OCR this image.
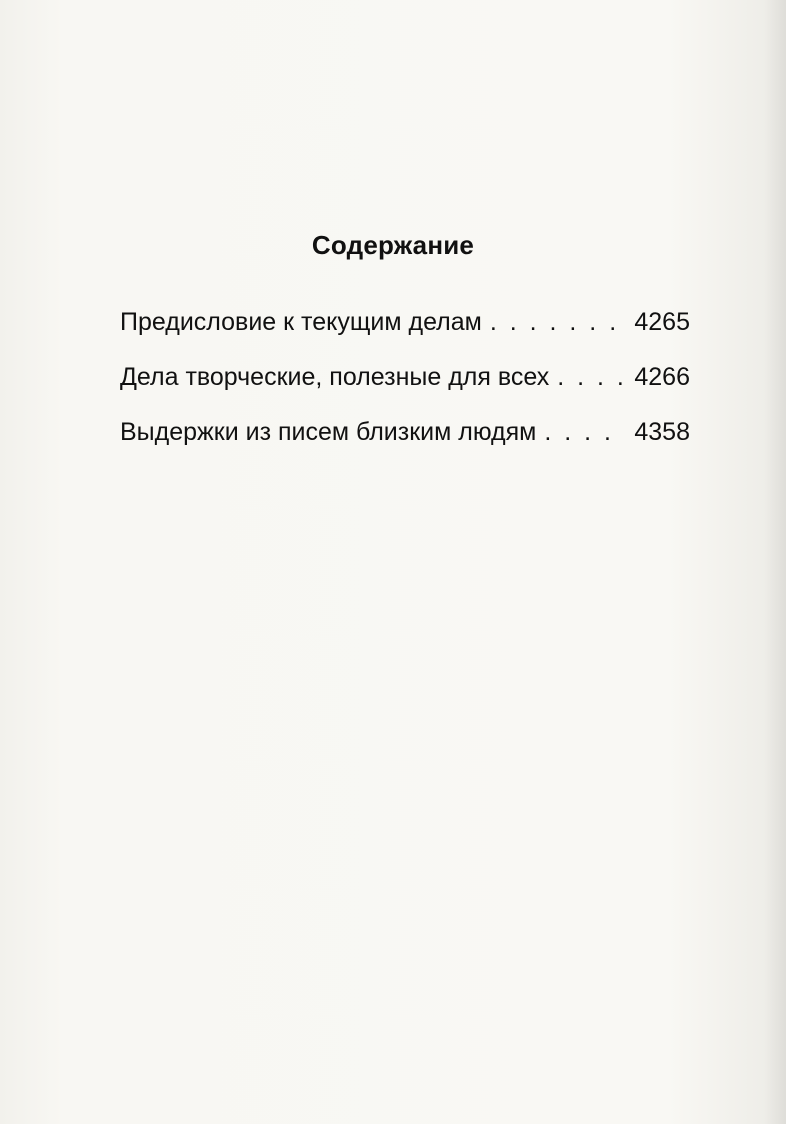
Содержание
Предисловие к текущим делам . . .	4265
Дела творческие, полезные для всех . . .	4266
Выдержки из писем близким людям . . .	4358
